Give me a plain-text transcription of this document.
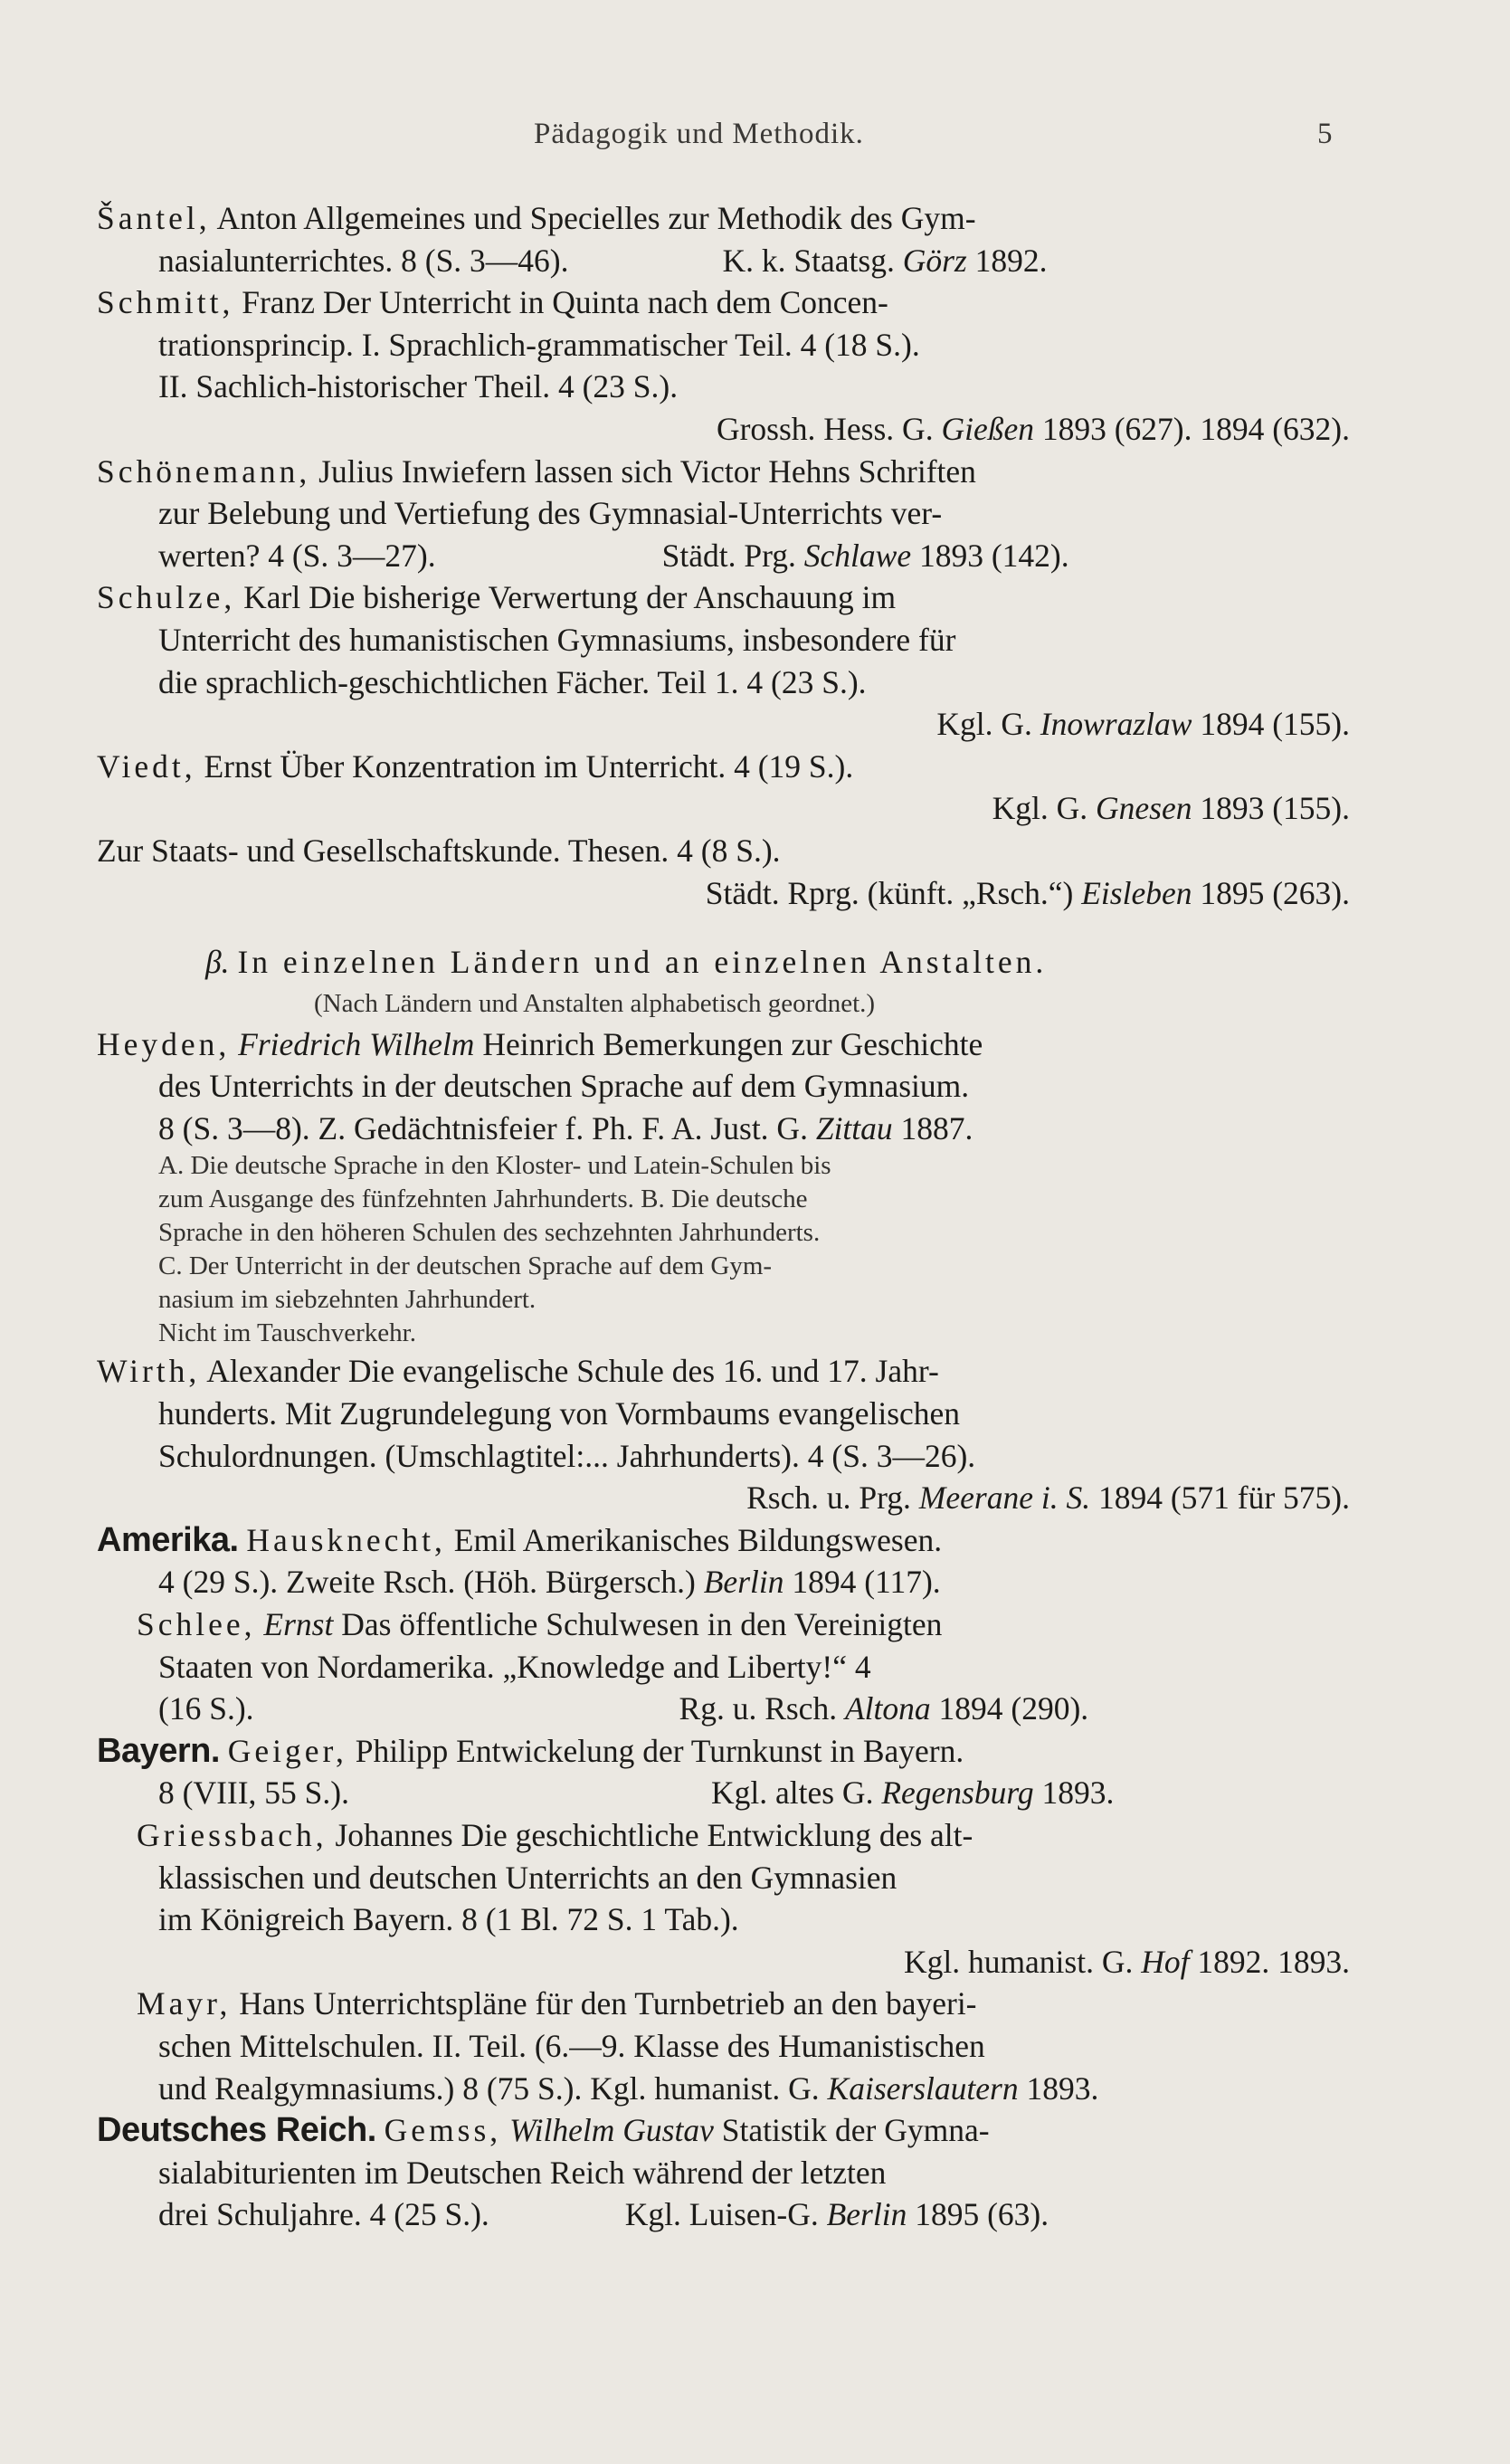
Pädagogik und Methodik.	5
Šantel, Anton Allgemeines und Specielles zur Methodik des Gym-
nasialunterrichtes. 8 (S. 3—46).	K. k. Staatsg. Görz 1892.
Schmitt, Franz Der Unterricht in Quinta nach dem Concen-
trationsprincip. I. Sprachlich-grammatischer Teil. 4 (18 S.).
II. Sachlich-historischer Theil. 4 (23 S.).
Grossh. Hess. G. Gießen 1893 (627). 1894 (632).
Schönemann, Julius Inwiefern lassen sich Victor Hehns Schriften
zur Belebung und Vertiefung des Gymnasial-Unterrichts ver-
werten? 4 (S. 3—27).	Städt. Prg. Schlawe 1893 (142).
Schulze, Karl Die bisherige Verwertung der Anschauung im
Unterricht des humanistischen Gymnasiums, insbesondere für
die sprachlich-geschichtlichen Fächer. Teil 1. 4 (23 S.).
Kgl. G. Inowrazlaw 1894 (155).
Viedt, Ernst Über Konzentration im Unterricht. 4 (19 S.).
Kgl. G. Gnesen 1893 (155).
Zur Staats- und Gesellschaftskunde. Thesen. 4 (8 S.).
Städt. Rprg. (künft. „Rsch.“) Eisleben 1895 (263).
β. In einzelnen Ländern und an einzelnen Anstalten.
(Nach Ländern und Anstalten alphabetisch geordnet.)
Heyden, Friedrich Wilhelm Heinrich Bemerkungen zur Geschichte
des Unterrichts in der deutschen Sprache auf dem Gymnasium.
8 (S. 3—8). Z. Gedächtnisfeier f. Ph. F. A. Just. G. Zittau 1887.
A. Die deutsche Sprache in den Kloster- und Latein-Schulen bis
zum Ausgange des fünfzehnten Jahrhunderts. B. Die deutsche
Sprache in den höheren Schulen des sechzehnten Jahrhunderts.
C. Der Unterricht in der deutschen Sprache auf dem Gym-
nasium im siebzehnten Jahrhundert.
Nicht im Tauschverkehr.
Wirth, Alexander Die evangelische Schule des 16. und 17. Jahr-
hunderts. Mit Zugrundelegung von Vormbaums evangelischen
Schulordnungen. (Umschlagtitel:... Jahrhunderts). 4 (S. 3—26).
Rsch. u. Prg. Meerane i. S. 1894 (571 für 575).
Amerika. Hausknecht, Emil Amerikanisches Bildungswesen.
4 (29 S.). Zweite Rsch. (Höh. Bürgersch.) Berlin 1894 (117).
Schlee, Ernst Das öffentliche Schulwesen in den Vereinigten
Staaten von Nordamerika. „Knowledge and Liberty!“ 4
(16 S.).	Rg. u. Rsch. Altona 1894 (290).
Bayern. Geiger, Philipp Entwickelung der Turnkunst in Bayern.
8 (VIII, 55 S.).	Kgl. altes G. Regensburg 1893.
Griessbach, Johannes Die geschichtliche Entwicklung des alt-
klassischen und deutschen Unterrichts an den Gymnasien
im Königreich Bayern. 8 (1 Bl. 72 S. 1 Tab.).
Kgl. humanist. G. Hof 1892. 1893.
Mayr, Hans Unterrichtspläne für den Turnbetrieb an den bayeri-
schen Mittelschulen. II. Teil. (6.—9. Klasse des Humanistischen
und Realgymnasiums.) 8 (75 S.). Kgl. humanist. G. Kaiserslautern 1893.
Deutsches Reich. Gemss, Wilhelm Gustav Statistik der Gymna-
sialabiturienten im Deutschen Reich während der letzten
drei Schuljahre. 4 (25 S.).	Kgl. Luisen-G. Berlin 1895 (63).
